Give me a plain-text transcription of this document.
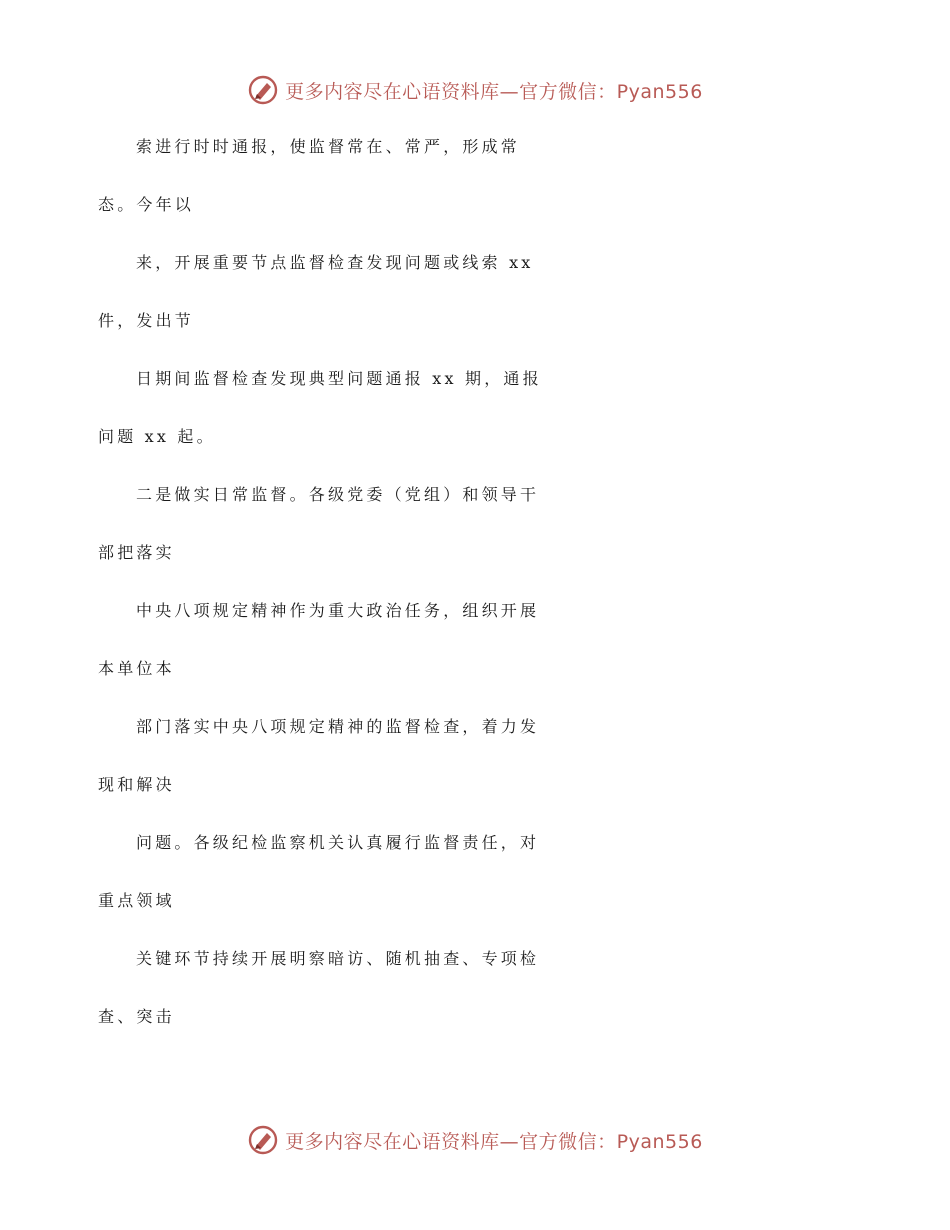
更多内容尽在心语资料库—官方微信：Pyan556
索进行时时通报，使监督常在、常严，形成常
态。今年以
来，开展重要节点监督检查发现问题或线索 xx
件，发出节
日期间监督检查发现典型问题通报 xx 期，通报
问题 xx 起。
二是做实日常监督。各级党委（党组）和领导干
部把落实
中央八项规定精神作为重大政治任务，组织开展
本单位本
部门落实中央八项规定精神的监督检查，着力发
现和解决
问题。各级纪检监察机关认真履行监督责任，对
重点领域
关键环节持续开展明察暗访、随机抽查、专项检
查、突击
更多内容尽在心语资料库—官方微信：Pyan556
